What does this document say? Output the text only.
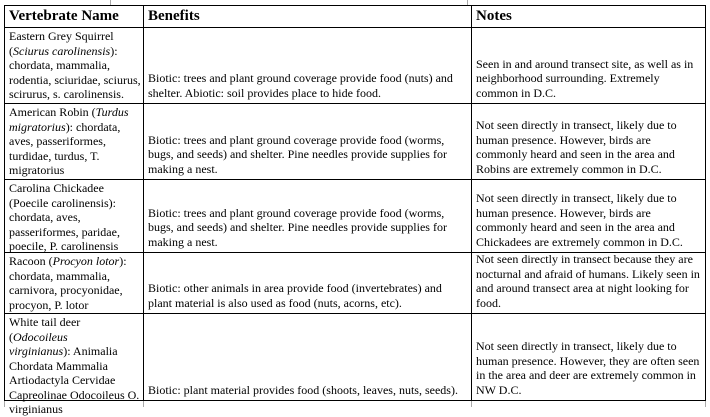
Vertebrate Name	Benefits	Notes
Eastern Grey Squirrel
(Sciurus carolinensis):
chordata, mammalia,
rodentia, sciuridae, sciurus,
scirurus, s. carolinensis.
Biotic: trees and plant ground coverage provide food (nuts) and
shelter. Abiotic: soil provides place to hide food.
Seen in and around transect site, as well as in
neighborhood surrounding. Extremely
common in D.C.
American Robin (Turdus
migratorius): chordata,
aves, passeriformes,
turdidae, turdus, T.
migratorius
Biotic: trees and plant ground coverage provide food (worms,
bugs, and seeds) and shelter. Pine needles provide supplies for
making a nest.
Not seen directly in transect, likely due to
human presence. However, birds are
commonly heard and seen in the area and
Robins are extremely common in D.C.
Carolina Chickadee
(Poecile carolinensis):
chordata, aves,
passeriformes, paridae,
poecile, P. carolinensis
Biotic: trees and plant ground coverage provide food (worms,
bugs, and seeds) and shelter. Pine needles provide supplies for
making a nest.
Not seen directly in transect, likely due to
human presence. However, birds are
commonly heard and seen in the area and
Chickadees are extremely common in D.C.
Racoon (Procyon lotor):
chordata, mammalia,
carnivora, procyonidae,
procyon, P. lotor
Biotic: other animals in area provide food (invertebrates) and
plant material is also used as food (nuts, acorns, etc).
Not seen directly in transect because they are
nocturnal and afraid of humans. Likely seen in
and around transect area at night looking for
food.
White tail deer (Odocoileus
virginianus): Animalia
Chordata Mammalia
Artiodactyla Cervidae
Capreolinae Odocoileus O.
virginianus
Biotic: plant material provides food (shoots, leaves, nuts, seeds).
Not seen directly in transect, likely due to
human presence. However, they are often seen
in the area and deer are extremely common in
NW D.C.
